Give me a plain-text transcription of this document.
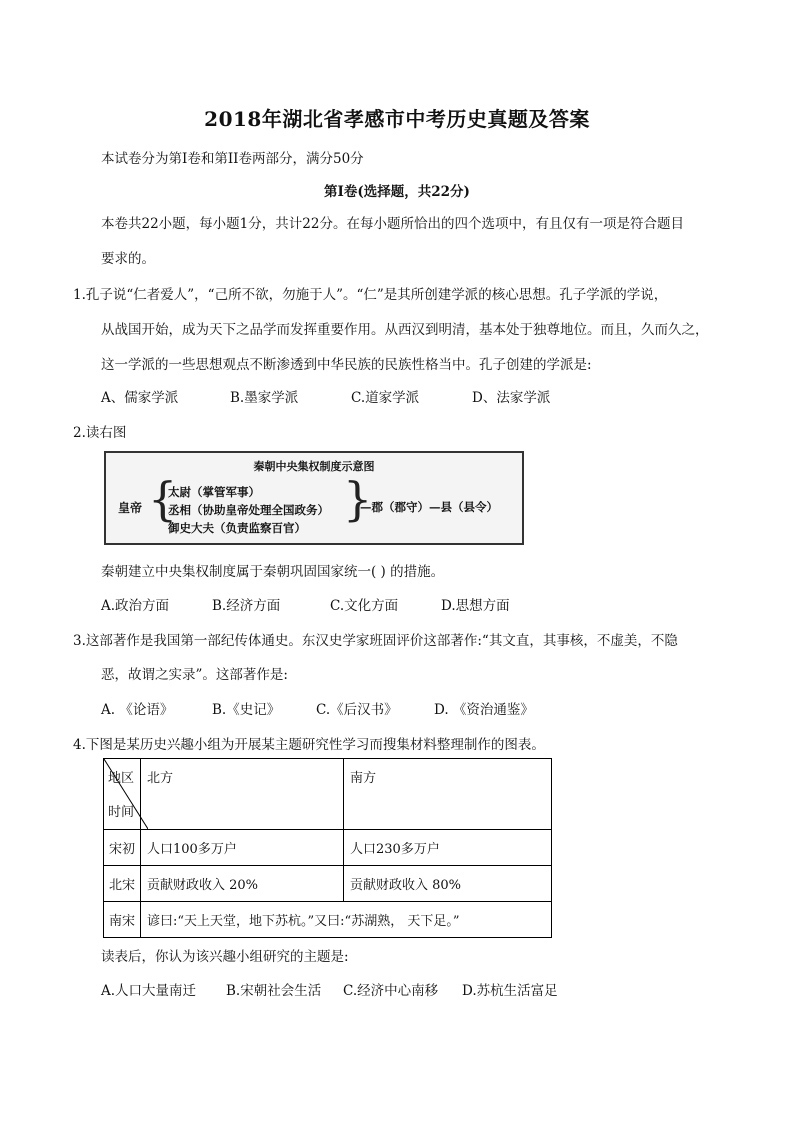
2018年湖北省孝感市中考历史真题及答案
本试卷分为第I卷和第II卷两部分，满分50分
第I卷(选择题，共22分)
本卷共22小题，每小题1分，共计22分。在每小题所恰出的四个选项中，有且仅有一项是符合题目
要求的。
1.孔子说“仁者爱人”，“己所不欲，勿施于人”。“仁”是其所创建学派的核心思想。孔子学派的学说，
从战国开始，成为天下之品学而发挥重要作用。从西汉到明清，基本处于独尊地位。而且，久而久之，
这一学派的一些思想观点不断渗透到中华民族的民族性格当中。孔子创建的学派是:
A、儒家学派	B.墨家学派	C.道家学派	D、法家学派
2.读右图
秦朝中央集权制度示意图
皇帝 {
太尉（掌管军事）
丞相（协助皇帝处理全国政务）
御史大夫（负责监察百官）
}
—郡（郡守）—县（县令）
秦朝建立中央集权制度属于秦朝巩固国家统一( ) 的措施。
A.政治方面	B.经济方面	C.文化方面	D.思想方面
3.这部著作是我国第一部纪传体通史。东汉史学家班固评价这部著作:“其文直，其事核，不虚美，不隐
恶，故谓之实录”。这部著作是:
A. 《论语》	B.《史记》	C.《后汉书》	D. 《资治通鉴》
4.下图是某历史兴趣小组为开展某主题研究性学习而搜集材料整理制作的图表。
地区
时间	北方	南方
宋初	人口100多万户	人口230多万户
北宋	贡献财政收入 20%	贡献财政收入 80%
南宋	谚曰:“天上天堂，地下苏杭。”又曰:“苏湖熟， 天下足。”	
读表后，你认为该兴趣小组研究的主题是:
A.人口大量南迁 B.宋朝社会生活 C.经济中心南移 D.苏杭生活富足
